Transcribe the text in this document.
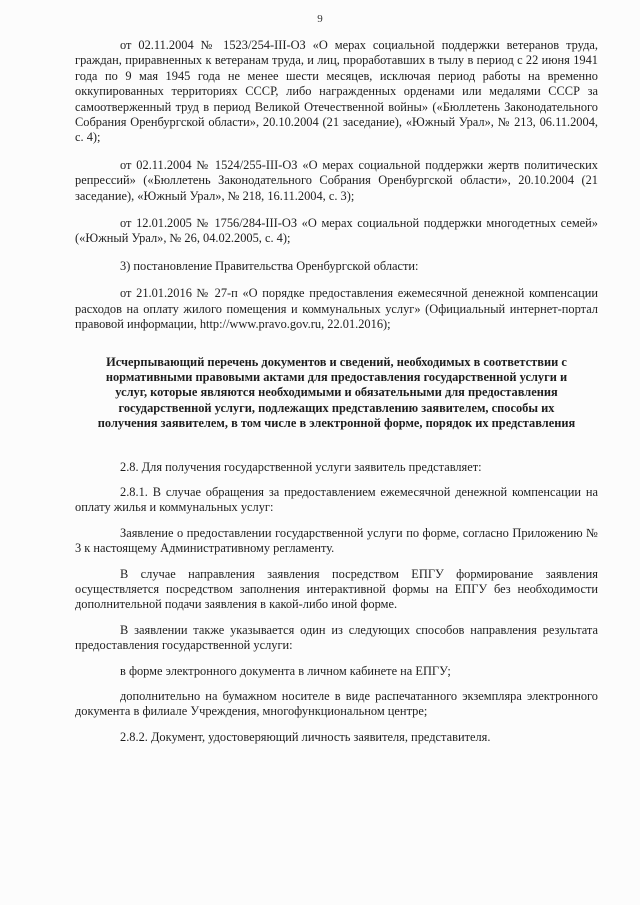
9

от 02.11.2004 № 1523/254-III-ОЗ «О мерах социальной поддержки ветеранов труда, граждан, приравненных к ветеранам труда, и лиц, проработавших в тылу в период с 22 июня 1941 года по 9 мая 1945 года не менее шести месяцев, исключая период работы на временно оккупированных территориях СССР, либо награжденных орденами или медалями СССР за самоотверженный труд в период Великой Отечественной войны» («Бюллетень Законодательного Собрания Оренбургской области», 20.10.2004 (21 заседание), «Южный Урал», № 213, 06.11.2004, с. 4);

от 02.11.2004 № 1524/255-III-ОЗ «О мерах социальной поддержки жертв политических репрессий» («Бюллетень Законодательного Собрания Оренбургской области», 20.10.2004 (21 заседание), «Южный Урал», № 218, 16.11.2004, с. 3);

от 12.01.2005 № 1756/284-III-ОЗ «О мерах социальной поддержки многодетных семей» («Южный Урал», № 26, 04.02.2005, с. 4);

3) постановление Правительства Оренбургской области:

от 21.01.2016 № 27-п «О порядке предоставления ежемесячной денежной компенсации расходов на оплату жилого помещения и коммунальных услуг» (Официальный интернет-портал правовой информации, http://www.pravo.gov.ru, 22.01.2016);

Исчерпывающий перечень документов и сведений, необходимых в соответствии с нормативными правовыми актами для предоставления государственной услуги и услуг, которые являются необходимыми и обязательными для предоставления государственной услуги, подлежащих представлению заявителем, способы их получения заявителем, в том числе в электронной форме, порядок их представления

2.8. Для получения государственной услуги заявитель представляет:

2.8.1. В случае обращения за предоставлением ежемесячной денежной компенсации на оплату жилья и коммунальных услуг:

Заявление о предоставлении государственной услуги по форме, согласно Приложению № 3 к настоящему Административному регламенту.

В случае направления заявления посредством ЕПГУ формирование заявления осуществляется посредством заполнения интерактивной формы на ЕПГУ без необходимости дополнительной подачи заявления в какой-либо иной форме.

В заявлении также указывается один из следующих способов направления результата предоставления государственной услуги:

в форме электронного документа в личном кабинете на ЕПГУ;

дополнительно на бумажном носителе в виде распечатанного экземпляра электронного документа в филиале Учреждения, многофункциональном центре;

2.8.2. Документ, удостоверяющий личность заявителя, представителя.
